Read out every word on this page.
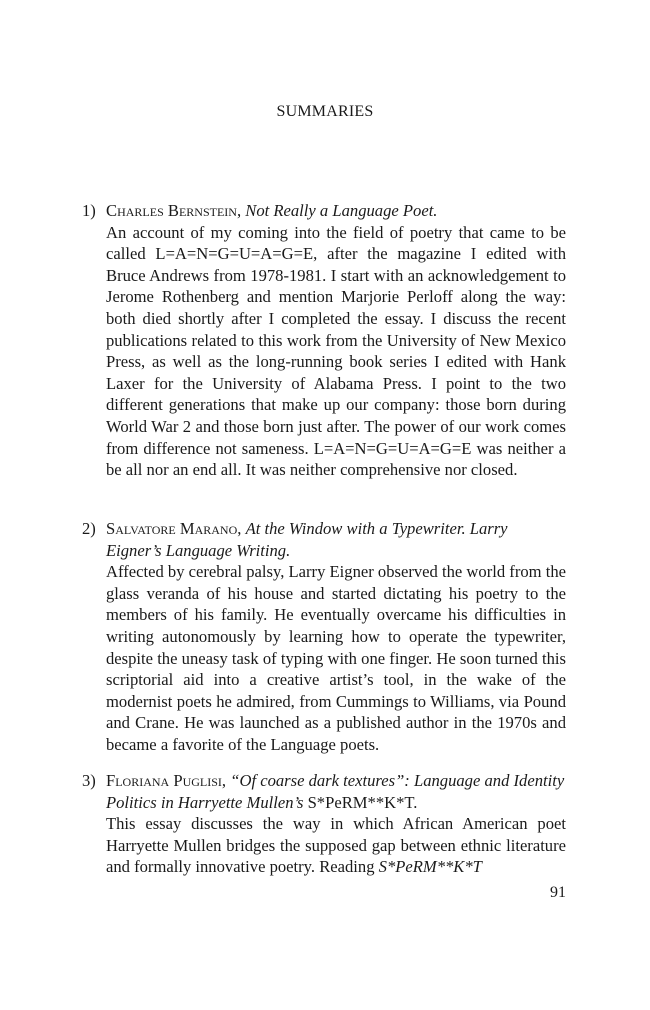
SUMMARIES
1) Charles Bernstein, Not Really a Language Poet.
An account of my coming into the field of poetry that came to be called L=A=N=G=U=A=G=E, after the magazine I edited with Bruce Andrews from 1978-1981. I start with an acknowledgement to Jerome Rothenberg and mention Marjorie Perloff along the way: both died shortly after I completed the essay. I discuss the recent publications related to this work from the University of New Mexico Press, as well as the long-running book series I edited with Hank Laxer for the University of Alabama Press. I point to the two different generations that make up our company: those born during World War 2 and those born just after. The power of our work comes from difference not sameness. L=A=N=G=U=A=G=E was neither a be all nor an end all. It was neither comprehensive nor closed.
2) Salvatore Marano, At the Window with a Typewriter. Larry Eigner’s Language Writing.
Affected by cerebral palsy, Larry Eigner observed the world from the glass veranda of his house and started dictating his poetry to the members of his family. He eventually overcame his difficulties in writing autonomously by learning how to operate the typewriter, despite the uneasy task of typing with one finger. He soon turned this scriptorial aid into a creative artist’s tool, in the wake of the modernist poets he admired, from Cummings to Williams, via Pound and Crane. He was launched as a published author in the 1970s and became a favorite of the Language poets.
3) Floriana Puglisi, “Of coarse dark textures”: Language and Identity Politics in Harryette Mullen’s S*PeRM**K*T.
This essay discusses the way in which African American poet Harryette Mullen bridges the supposed gap between ethnic literature and formally innovative poetry. Reading S*PeRM**K*T
91
